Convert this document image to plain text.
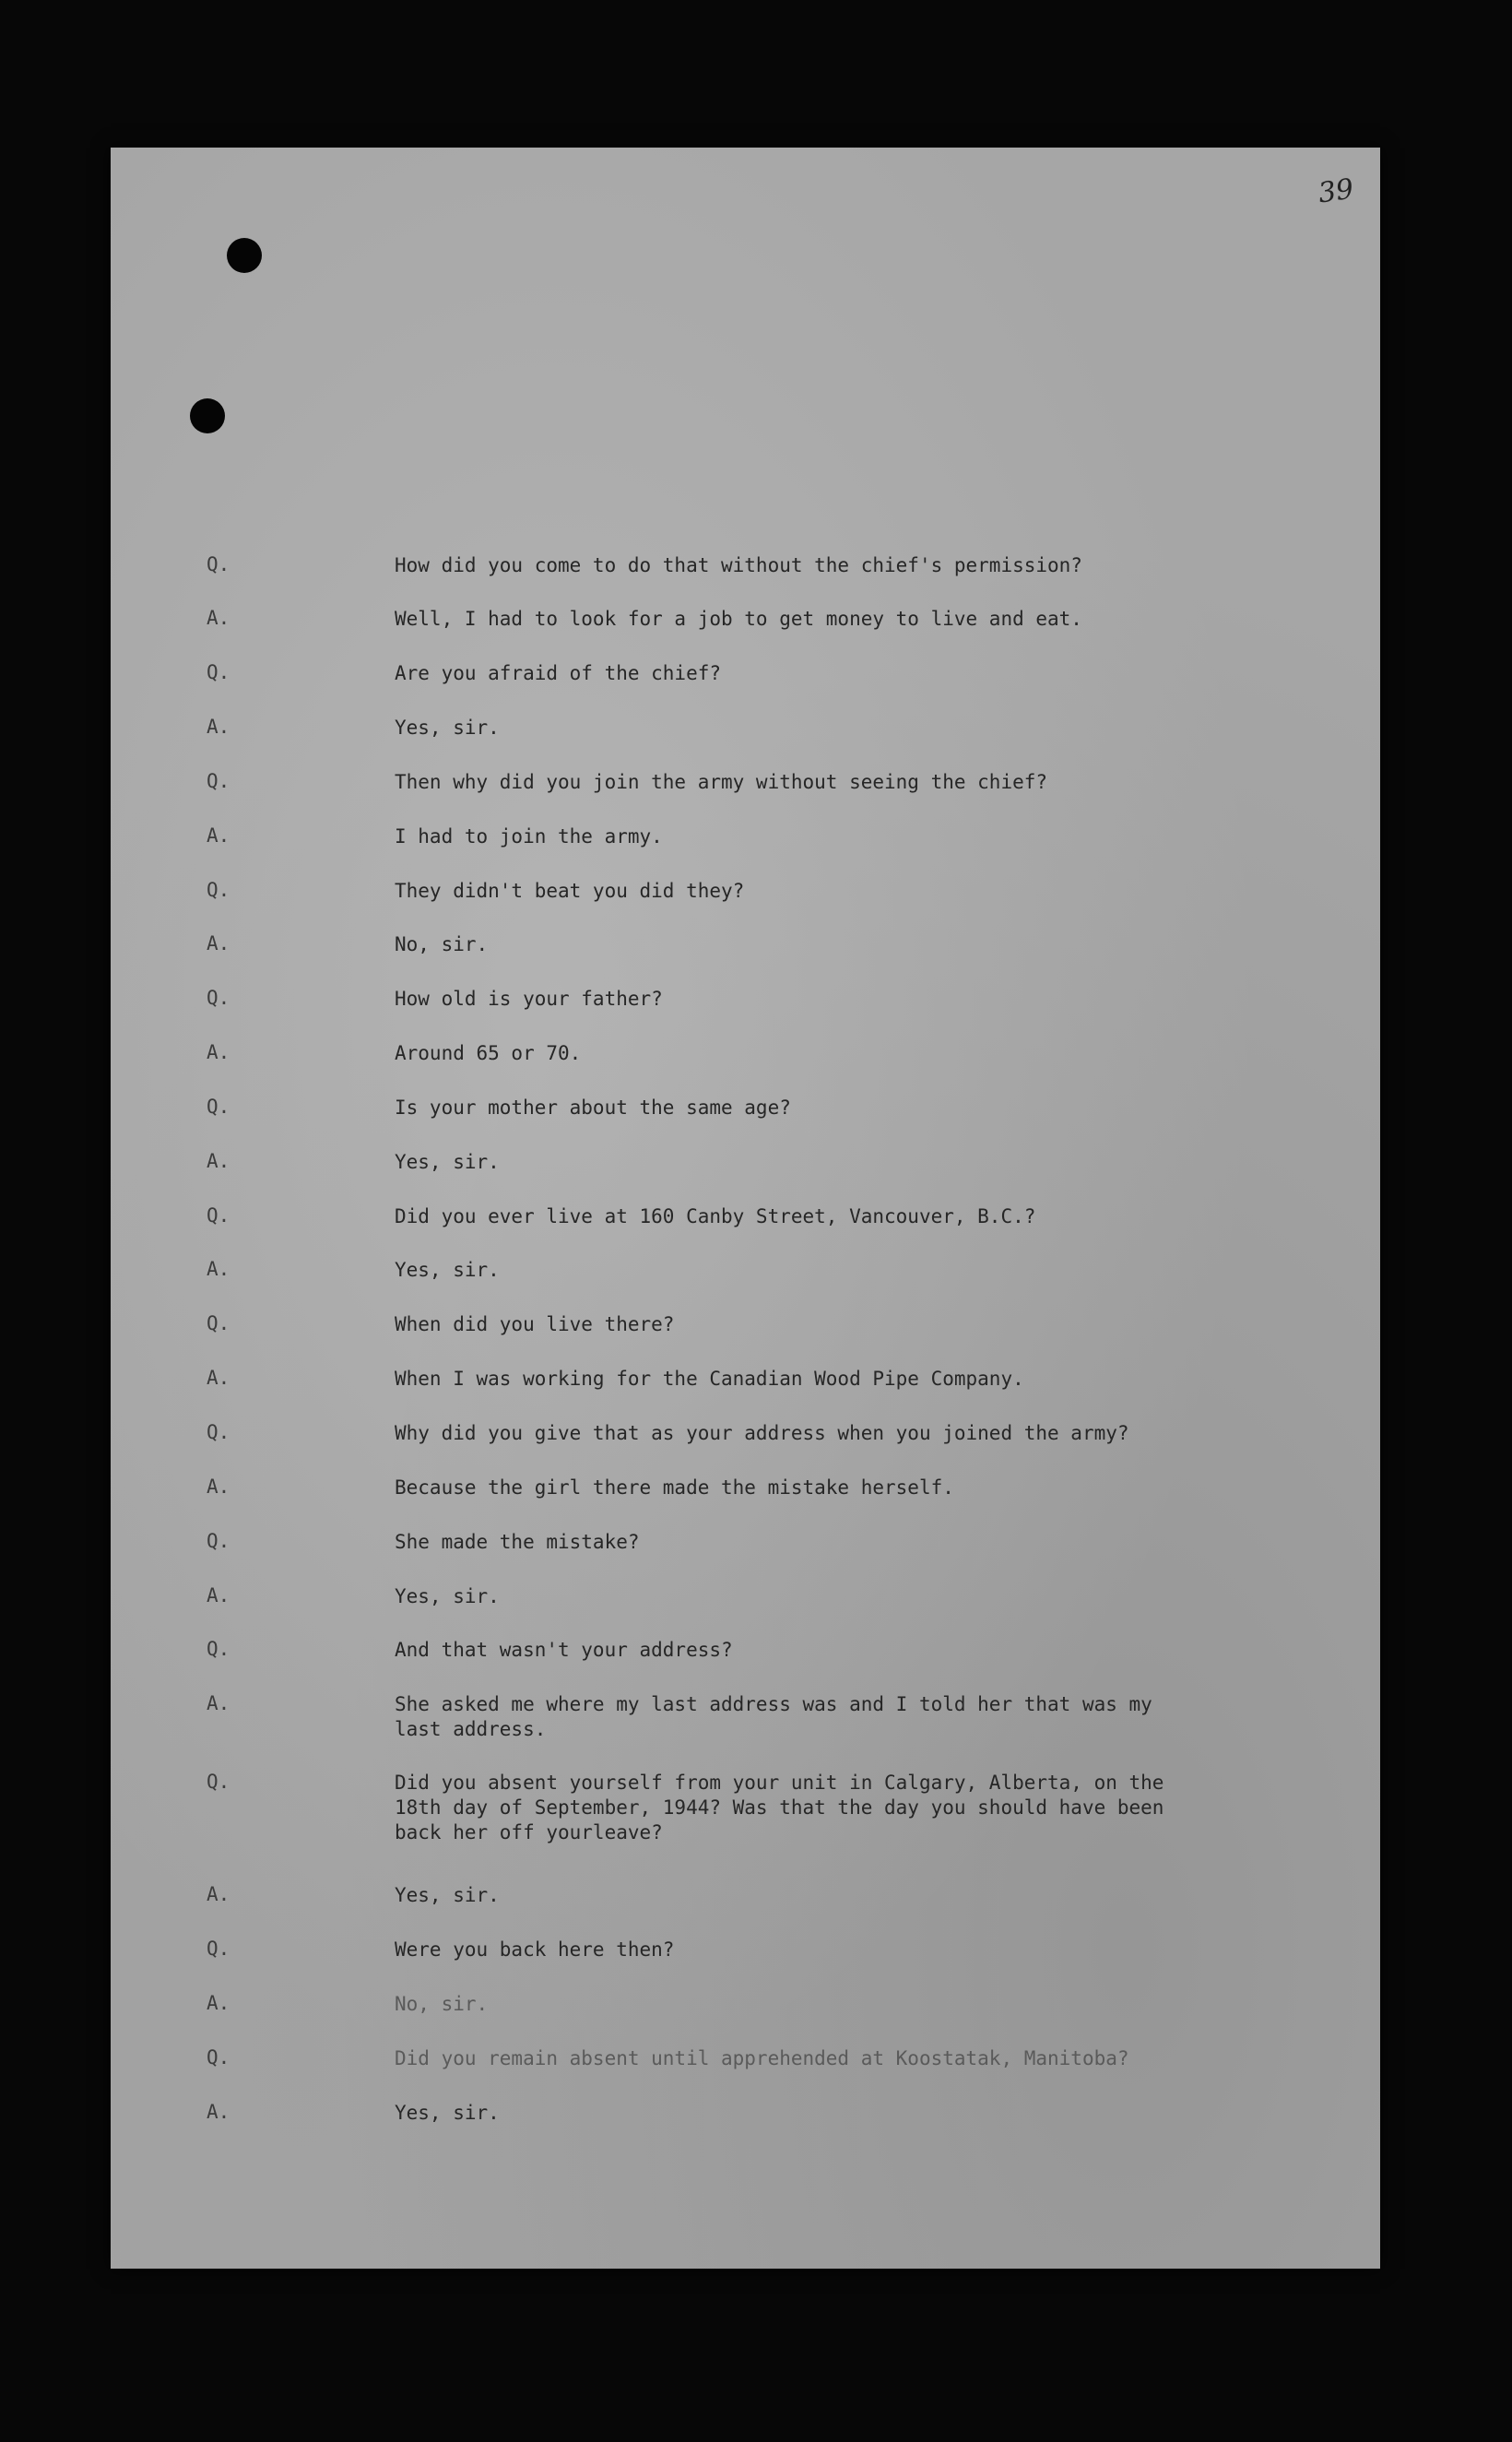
39
Q.	How did you come to do that without the chief's permission?
A.	Well, I had to look for a job to get money to live and eat.
Q.	Are you afraid of the chief?
A.	Yes, sir.
Q.	Then why did you join the army without seeing the chief?
A.	I had to join the army.
Q.	They didn't beat you did they?
A.	No, sir.
Q.	How old is your father?
A.	Around 65 or 70.
Q.	Is your mother about the same age?
A.	Yes, sir.
Q.	Did you ever live at 160 Canby Street, Vancouver, B.C.?
A.	Yes, sir.
Q.	When did you live there?
A.	When I was working for the Canadian Wood Pipe Company.
Q.	Why did you give that as your address when you joined the army?
A.	Because the girl there made the mistake herself.
Q.	She made the mistake?
A.	Yes, sir.
Q.	And that wasn't your address?
A.	She asked me where my last address was and I told her that was my
last address.
Q.	Did you absent yourself from your unit in Calgary, Alberta, on the
18th day of September, 1944? Was that the day you should have been
back her off yourleave?
A.	Yes, sir.
Q.	Were you back here then?
A.	No, sir.
Q.	Did you remain absent until apprehended at Koostatak, Manitoba?
A.	Yes, sir.
